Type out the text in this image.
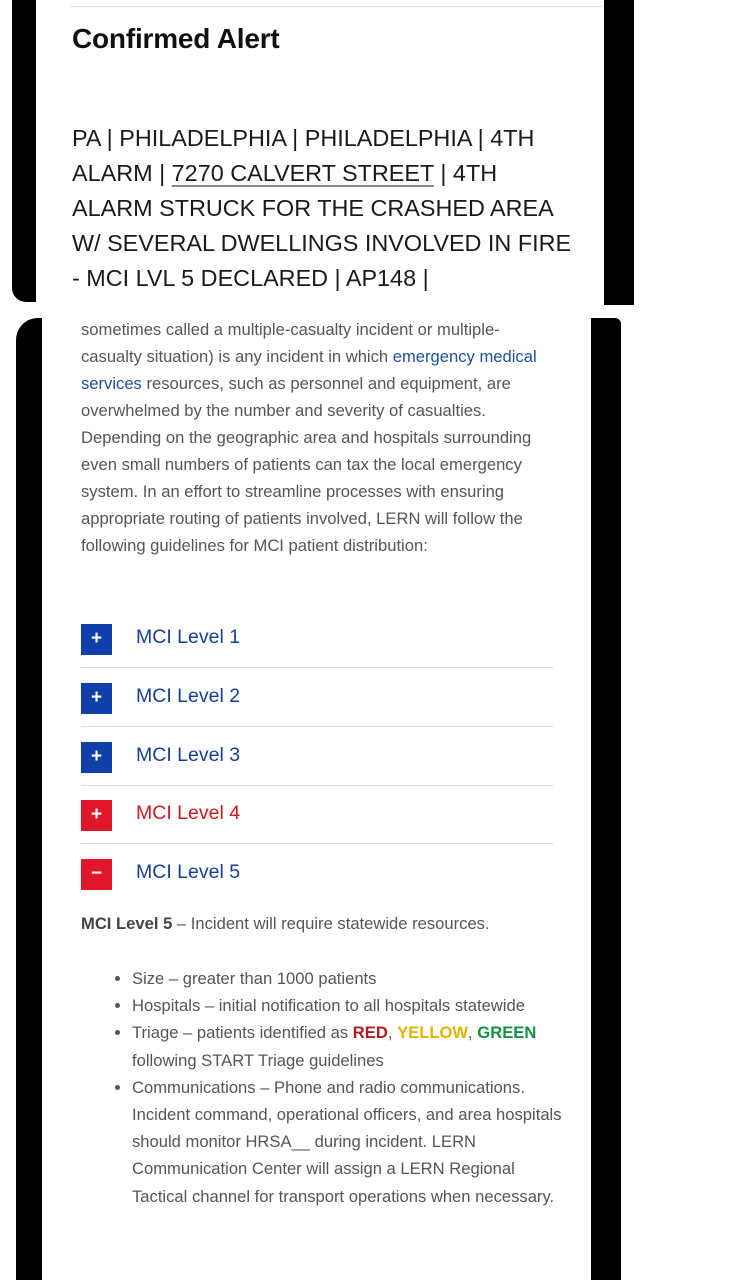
Confirmed Alert
PA | PHILADELPHIA | PHILADELPHIA | 4TH
ALARM | 7270 CALVERT STREET | 4TH
ALARM STRUCK FOR THE CRASHED AREA
W/ SEVERAL DWELLINGS INVOLVED IN FIRE
- MCI LVL 5 DECLARED | AP148 |
sometimes called a multiple-casualty incident or multiple-casualty situation) is any incident in which emergency medical services resources, such as personnel and equipment, are overwhelmed by the number and severity of casualties. Depending on the geographic area and hospitals surrounding even small numbers of patients can tax the local emergency system. In an effort to streamline processes with ensuring appropriate routing of patients involved, LERN will follow the following guidelines for MCI patient distribution:
+	MCI Level 1
+	MCI Level 2
+	MCI Level 3
+	MCI Level 4
−	MCI Level 5
MCI Level 5 – Incident will require statewide resources.
• Size – greater than 1000 patients
• Hospitals – initial notification to all hospitals statewide
• Triage – patients identified as RED, YELLOW, GREEN following START Triage guidelines
• Communications – Phone and radio communications. Incident command, operational officers, and area hospitals should monitor HRSA__ during incident. LERN Communication Center will assign a LERN Regional Tactical channel for transport operations when necessary.
